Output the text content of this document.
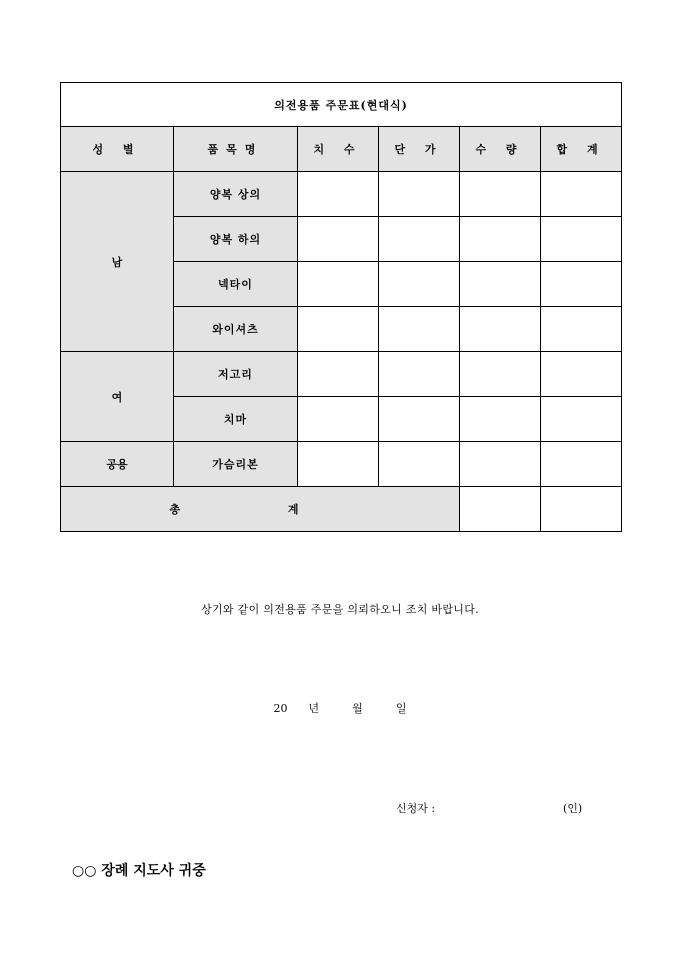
의전용품 주문표(현대식)					
성 별	품목명	치 수	단 가	수 량	합 계
남	양복 상의				
	양복 하의				
	넥타이				
	와이셔츠				
여	저고리				
	치마				
공용	가슴리본				
총 계					
상기와 같이 의전용품 주문을 의뢰하오니 조치 바랍니다.
20 년	월	일
신청자 :	(인)
○○ 장례 지도사 귀중
